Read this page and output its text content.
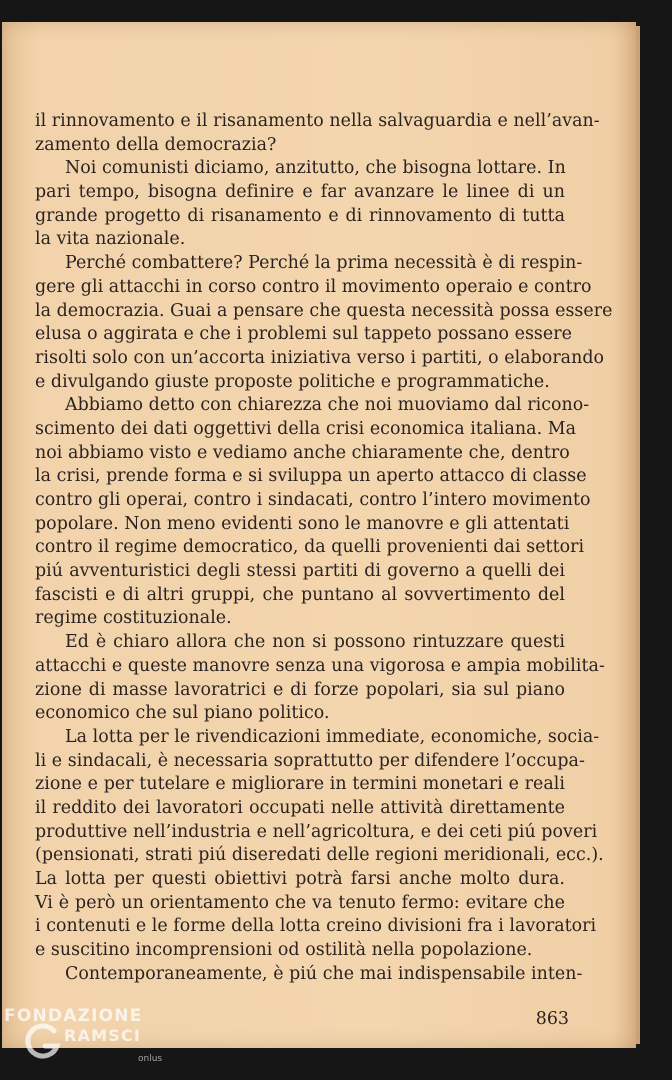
il rinnovamento e il risanamento nella salvaguardia e nell’avan-
zamento della democrazia?
Noi comunisti diciamo, anzitutto, che bisogna lottare. In
pari tempo, bisogna definire e far avanzare le linee di un
grande progetto di risanamento e di rinnovamento di tutta
la vita nazionale.
Perché combattere? Perché la prima necessità è di respin-
gere gli attacchi in corso contro il movimento operaio e contro
la democrazia. Guai a pensare che questa necessità possa essere
elusa o aggirata e che i problemi sul tappeto possano essere
risolti solo con un’accorta iniziativa verso i partiti, o elaborando
e divulgando giuste proposte politiche e programmatiche.
Abbiamo detto con chiarezza che noi muoviamo dal ricono-
scimento dei dati oggettivi della crisi economica italiana. Ma
noi abbiamo visto e vediamo anche chiaramente che, dentro
la crisi, prende forma e si sviluppa un aperto attacco di classe
contro gli operai, contro i sindacati, contro l’intero movimento
popolare. Non meno evidenti sono le manovre e gli attentati
contro il regime democratico, da quelli provenienti dai settori
piú avventuristici degli stessi partiti di governo a quelli dei
fascisti e di altri gruppi, che puntano al sovvertimento del
regime costituzionale.
Ed è chiaro allora che non si possono rintuzzare questi
attacchi e queste manovre senza una vigorosa e ampia mobilita-
zione di masse lavoratrici e di forze popolari, sia sul piano
economico che sul piano politico.
La lotta per le rivendicazioni immediate, economiche, socia-
li e sindacali, è necessaria soprattutto per difendere l’occupa-
zione e per tutelare e migliorare in termini monetari e reali
il reddito dei lavoratori occupati nelle attività direttamente
produttive nell’industria e nell’agricoltura, e dei ceti piú poveri
(pensionati, strati piú diseredati delle regioni meridionali, ecc.).
La lotta per questi obiettivi potrà farsi anche molto dura.
Vi è però un orientamento che va tenuto fermo: evitare che
i contenuti e le forme della lotta creino divisioni fra i lavoratori
e suscitino incomprensioni od ostilità nella popolazione.
Contemporaneamente, è piú che mai indispensabile inten-
863
FONDAZIONE
RAMSCI
onlus
